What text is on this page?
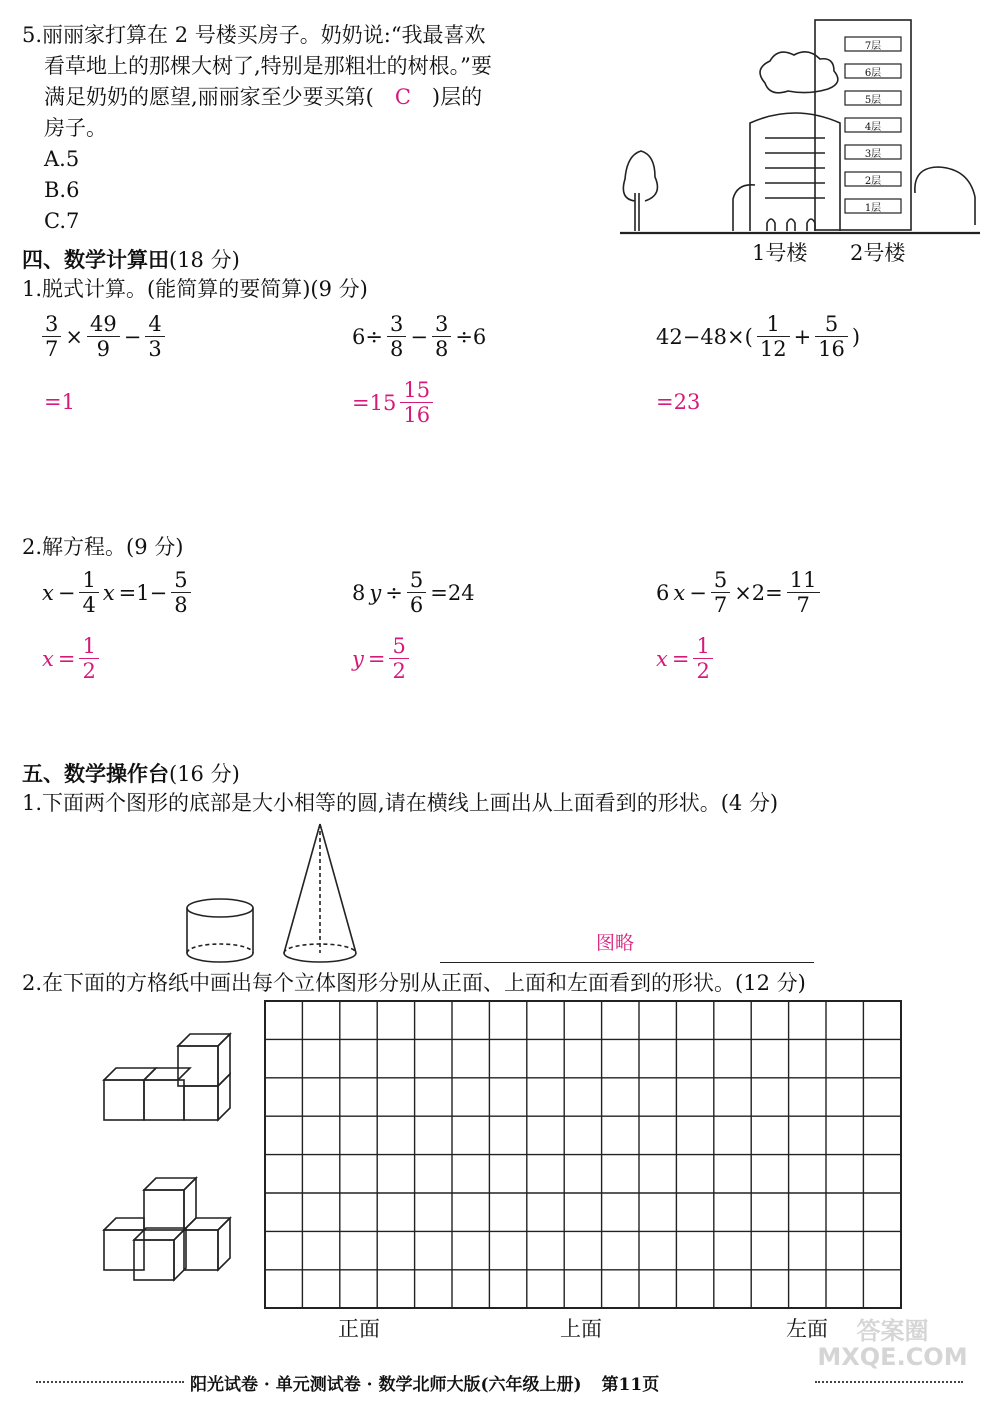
5.丽丽家打算在 2 号楼买房子。奶奶说:“我最喜欢
看草地上的那棵大树了,特别是那粗壮的树根。”要
满足奶奶的愿望,丽丽家至少要买第( C )层的
房子。
A.5
B.6
C.7
7层
6层
5层
4层
3层
2层
1层
1号楼 2号楼
四、数学计算田(18 分)
1.脱式计算。(能简算的要简算)(9 分)
$\frac{3}{7} \times \frac{49}{9} - \frac{4}{3}$
=1
$6\div \frac{3}{8} - \frac{3}{8} \div 6$
$=15 \frac{15}{16}$
$42-48\times( \frac{1}{12} + \frac{5}{16}$ )
=23
2.解方程。(9 分)
$x - \frac{1}{4}$ $x =1- \frac{5}{8}$
$x = \frac{1}{2}$
8 $y \div \frac{5}{6} =24$
$y = \frac{5}{2}$
6 $x - \frac{5}{7} \times 2= \frac{11}{7}$
$x = \frac{1}{2}$
五、数学操作台(16 分)
1.下面两个图形的底部是大小相等的圆,请在横线上画出从上面看到的形状。(4 分)
图略
2.在下面的方格纸中画出每个立体图形分别从正面、上面和左面看到的形状。(12 分)
正面	上面	左面	答案圈 MXQE.COM
阳光试卷 · 单元测试卷 · 数学北师大版(六年级上册) 第11页
